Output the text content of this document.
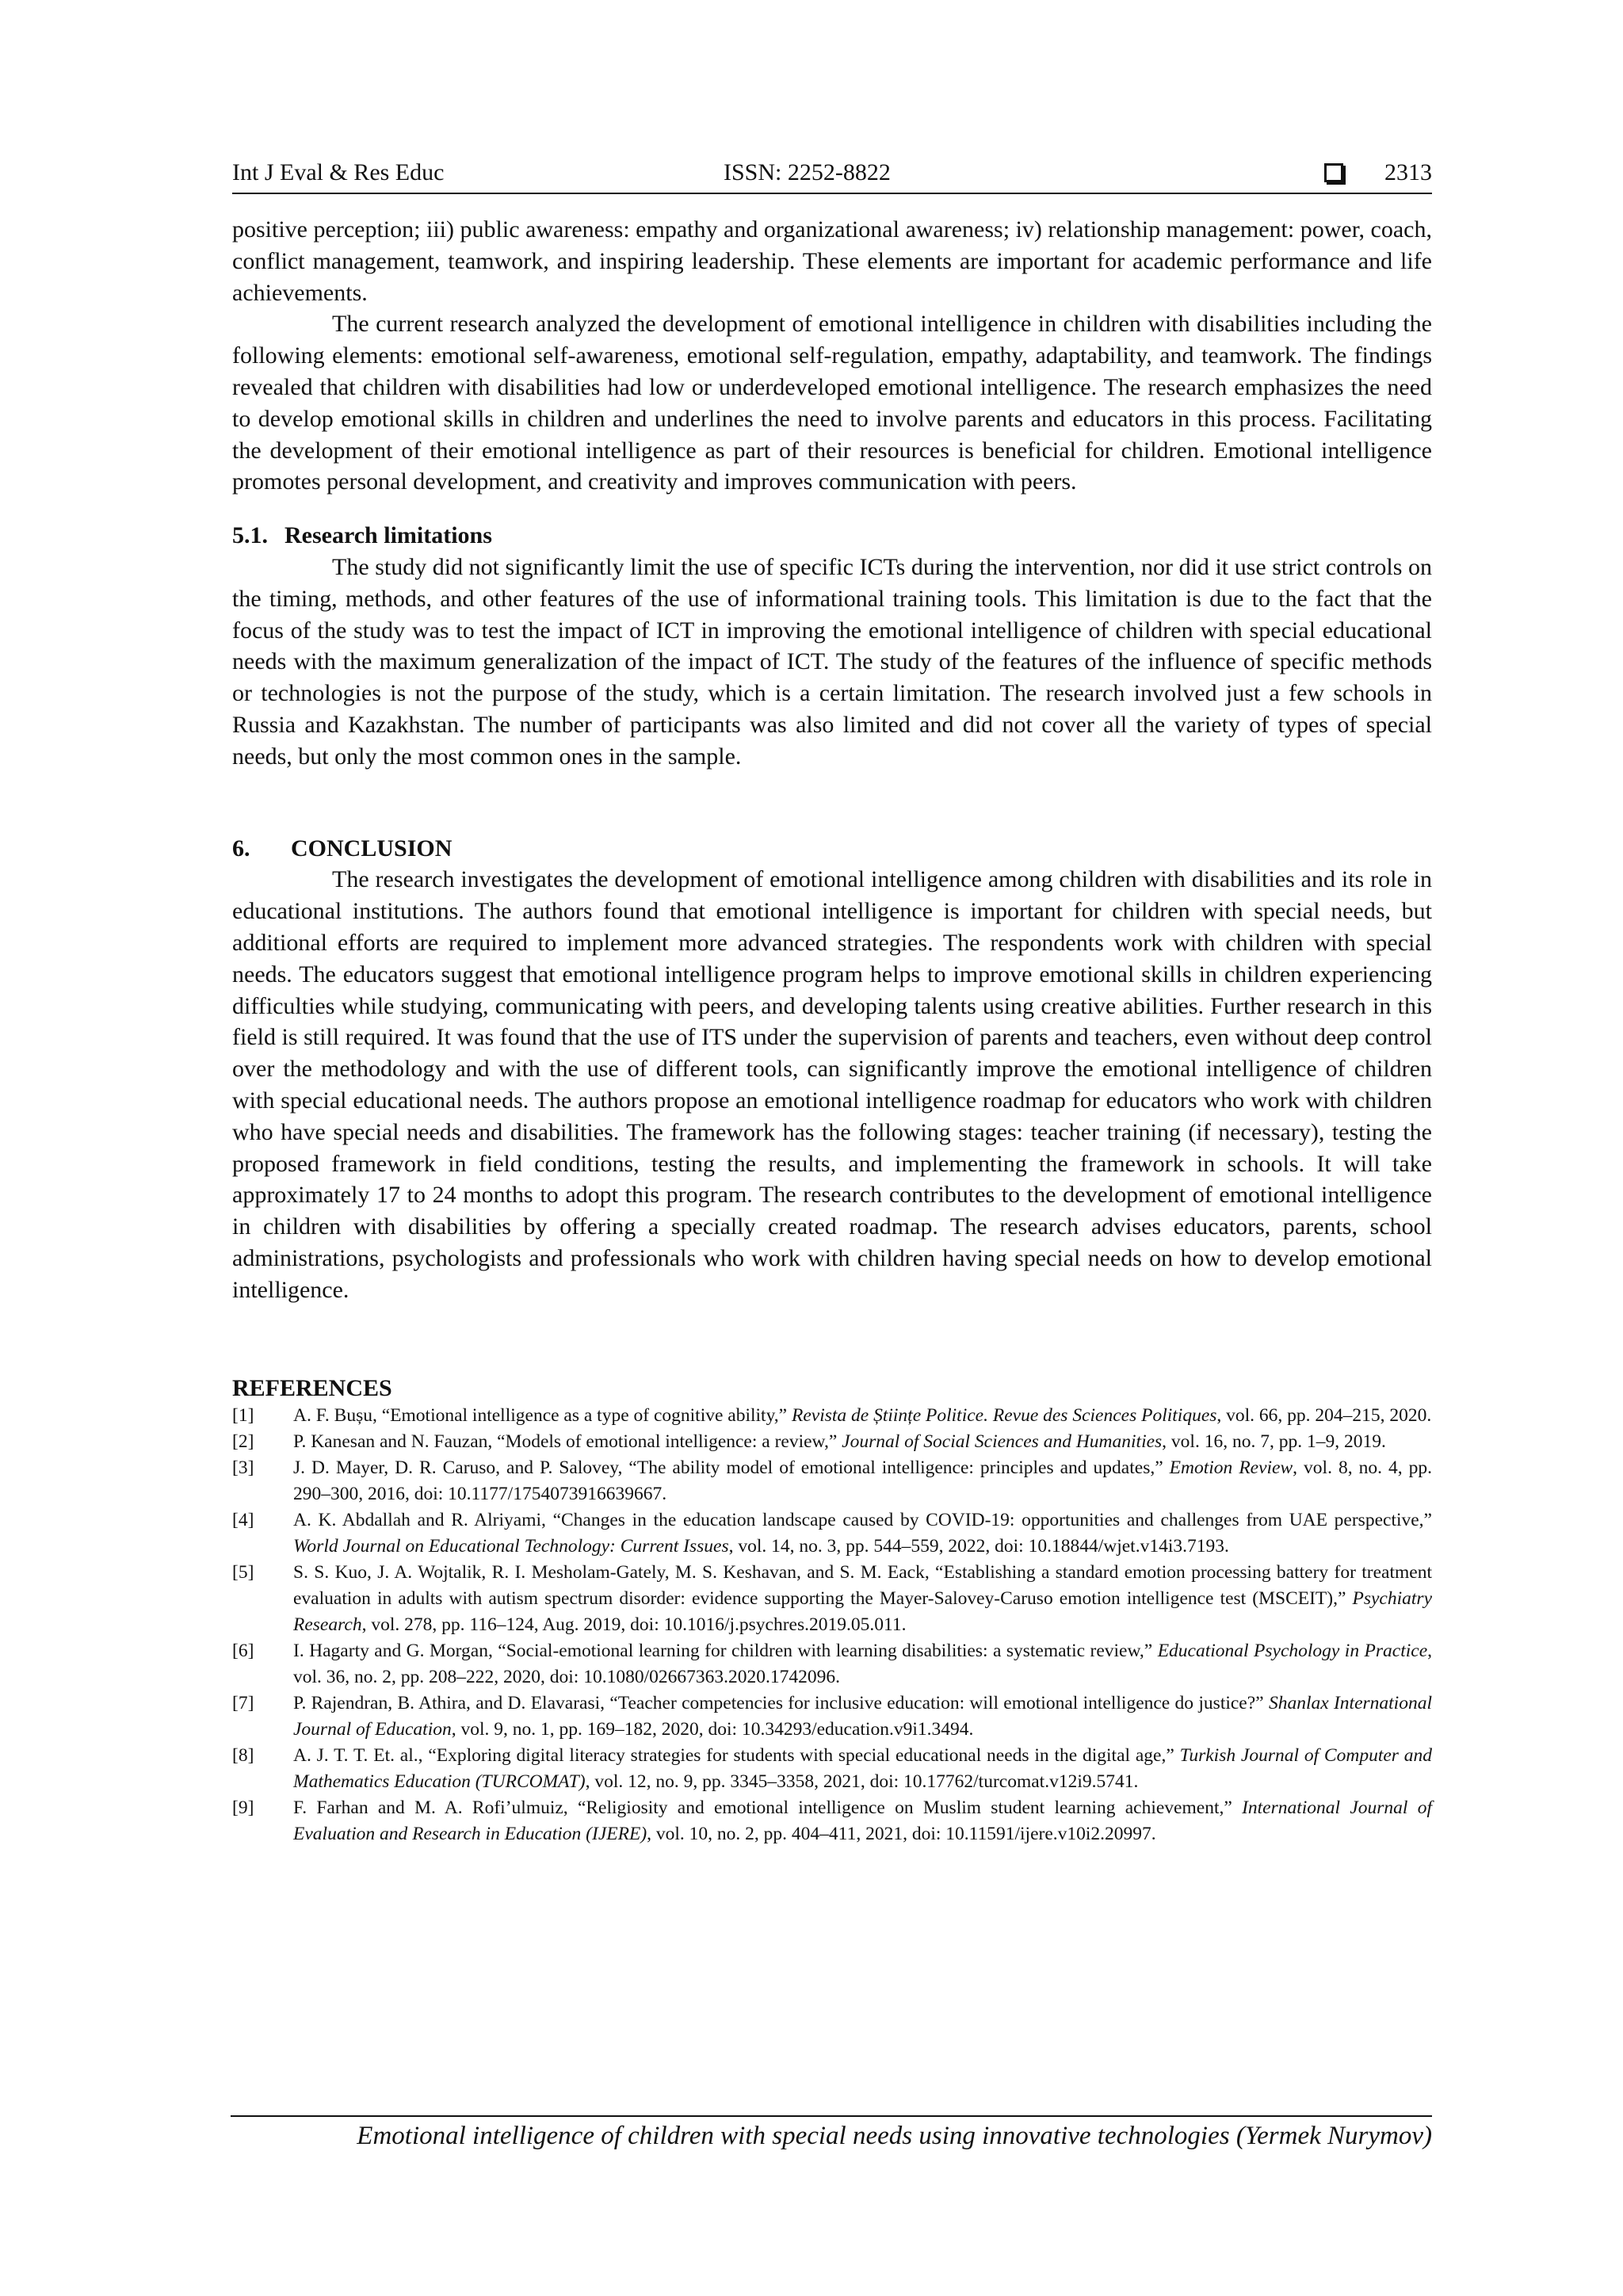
Int J Eval & Res Educ	ISSN: 2252-8822	2313

positive perception; iii) public awareness: empathy and organizational awareness; iv) relationship management: power, coach, conflict management, teamwork, and inspiring leadership. These elements are important for academic performance and life achievements.

The current research analyzed the development of emotional intelligence in children with disabilities including the following elements: emotional self-awareness, emotional self-regulation, empathy, adaptability, and teamwork. The findings revealed that children with disabilities had low or underdeveloped emotional intelligence. The research emphasizes the need to develop emotional skills in children and underlines the need to involve parents and educators in this process. Facilitating the development of their emotional intelligence as part of their resources is beneficial for children. Emotional intelligence promotes personal development, and creativity and improves communication with peers.

5.1. Research limitations

The study did not significantly limit the use of specific ICTs during the intervention, nor did it use strict controls on the timing, methods, and other features of the use of informational training tools. This limitation is due to the fact that the focus of the study was to test the impact of ICT in improving the emotional intelligence of children with special educational needs with the maximum generalization of the impact of ICT. The study of the features of the influence of specific methods or technologies is not the purpose of the study, which is a certain limitation. The research involved just a few schools in Russia and Kazakhstan. The number of participants was also limited and did not cover all the variety of types of special needs, but only the most common ones in the sample.

6. CONCLUSION

The research investigates the development of emotional intelligence among children with disabilities and its role in educational institutions. The authors found that emotional intelligence is important for children with special needs, but additional efforts are required to implement more advanced strategies. The respondents work with children with special needs. The educators suggest that emotional intelligence program helps to improve emotional skills in children experiencing difficulties while studying, communicating with peers, and developing talents using creative abilities. Further research in this field is still required. It was found that the use of ITS under the supervision of parents and teachers, even without deep control over the methodology and with the use of different tools, can significantly improve the emotional intelligence of children with special educational needs. The authors propose an emotional intelligence roadmap for educators who work with children who have special needs and disabilities. The framework has the following stages: teacher training (if necessary), testing the proposed framework in field conditions, testing the results, and implementing the framework in schools. It will take approximately 17 to 24 months to adopt this program. The research contributes to the development of emotional intelligence in children with disabilities by offering a specially created roadmap. The research advises educators, parents, school administrations, psychologists and professionals who work with children having special needs on how to develop emotional intelligence.

REFERENCES

[1]	A. F. Bușu, “Emotional intelligence as a type of cognitive ability,” Revista de Științe Politice. Revue des Sciences Politiques, vol. 66, pp. 204–215, 2020.
[2]	P. Kanesan and N. Fauzan, “Models of emotional intelligence: a review,” Journal of Social Sciences and Humanities, vol. 16, no. 7, pp. 1–9, 2019.
[3]	J. D. Mayer, D. R. Caruso, and P. Salovey, “The ability model of emotional intelligence: principles and updates,” Emotion Review, vol. 8, no. 4, pp. 290–300, 2016, doi: 10.1177/1754073916639667.
[4]	A. K. Abdallah and R. Alriyami, “Changes in the education landscape caused by COVID-19: opportunities and challenges from UAE perspective,” World Journal on Educational Technology: Current Issues, vol. 14, no. 3, pp. 544–559, 2022, doi: 10.18844/wjet.v14i3.7193.
[5]	S. S. Kuo, J. A. Wojtalik, R. I. Mesholam-Gately, M. S. Keshavan, and S. M. Eack, “Establishing a standard emotion processing battery for treatment evaluation in adults with autism spectrum disorder: evidence supporting the Mayer-Salovey-Caruso emotion intelligence test (MSCEIT),” Psychiatry Research, vol. 278, pp. 116–124, Aug. 2019, doi: 10.1016/j.psychres.2019.05.011.
[6]	I. Hagarty and G. Morgan, “Social-emotional learning for children with learning disabilities: a systematic review,” Educational Psychology in Practice, vol. 36, no. 2, pp. 208–222, 2020, doi: 10.1080/02667363.2020.1742096.
[7]	P. Rajendran, B. Athira, and D. Elavarasi, “Teacher competencies for inclusive education: will emotional intelligence do justice?” Shanlax International Journal of Education, vol. 9, no. 1, pp. 169–182, 2020, doi: 10.34293/education.v9i1.3494.
[8]	A. J. T. T. Et. al., “Exploring digital literacy strategies for students with special educational needs in the digital age,” Turkish Journal of Computer and Mathematics Education (TURCOMAT), vol. 12, no. 9, pp. 3345–3358, 2021, doi: 10.17762/turcomat.v12i9.5741.
[9]	F. Farhan and M. A. Rofi’ulmuiz, “Religiosity and emotional intelligence on Muslim student learning achievement,” International Journal of Evaluation and Research in Education (IJERE), vol. 10, no. 2, pp. 404–411, 2021, doi: 10.11591/ijere.v10i2.20997.
Emotional intelligence of children with special needs using innovative technologies (Yermek Nurymov)
